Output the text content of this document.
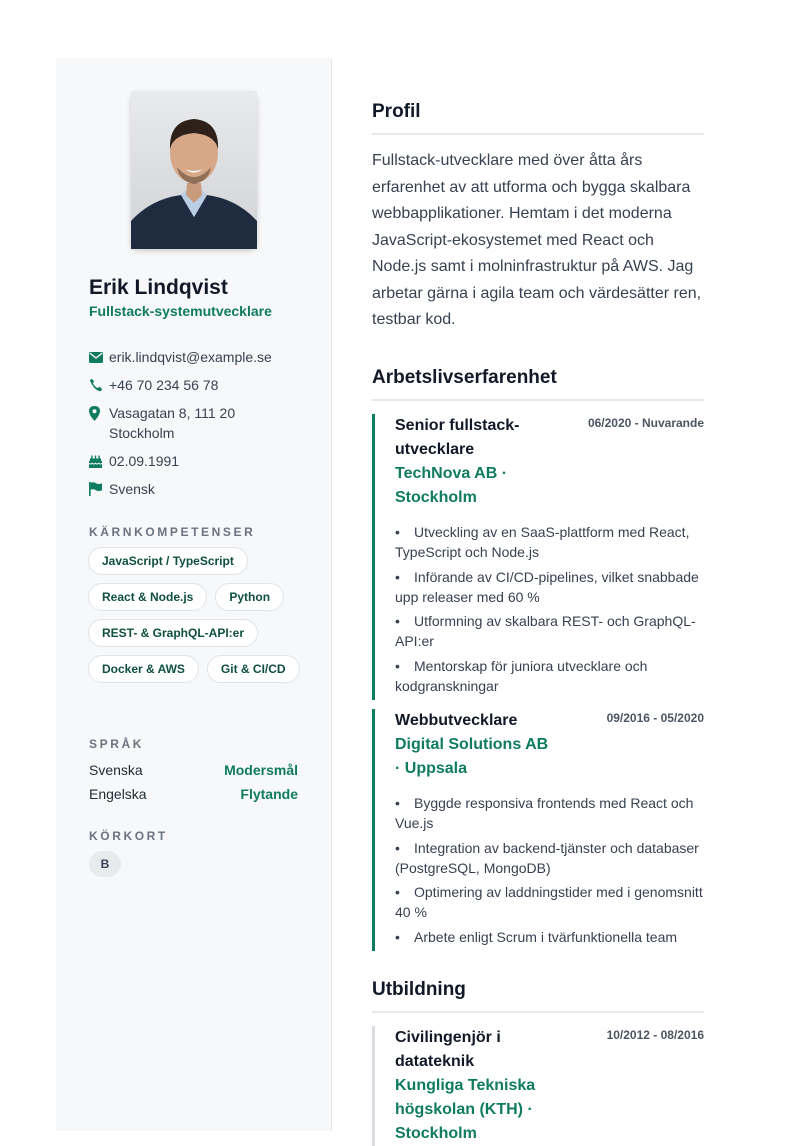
Erik Lindqvist
Fullstack-systemutvecklare
erik.lindqvist@example.se
+46 70 234 56 78
Vasagatan 8, 111 20 Stockholm
02.09.1991
Svensk
KÄRNKOMPETENSER
JavaScript / TypeScript
React & Node.js	Python
REST- & GraphQL-API:er
Docker & AWS	Git & CI/CD
SPRÅK
Svenska	Modersmål
Engelska	Flytande
KÖRKORT
B
Profil
Fullstack-utvecklare med över åtta års erfarenhet av att utforma och bygga skalbara webbapplikationer. Hemtam i det moderna JavaScript-ekosystemet med React och Node.js samt i molninfrastruktur på AWS. Jag arbetar gärna i agila team och värdesätter ren, testbar kod.
Arbetslivserfarenhet
Senior fullstack-utvecklare
TechNova AB · Stockholm
06/2020 - Nuvarande
• Utveckling av en SaaS-plattform med React, TypeScript och Node.js
• Införande av CI/CD-pipelines, vilket snabbade upp releaser med 60 %
• Utformning av skalbara REST- och GraphQL-API:er
• Mentorskap för juniora utvecklare och kodgranskningar
Webbutvecklare
Digital Solutions AB · Uppsala
09/2016 - 05/2020
• Byggde responsiva frontends med React och Vue.js
• Integration av backend-tjänster och databaser (PostgreSQL, MongoDB)
• Optimering av laddningstider med i genomsnitt 40 %
• Arbete enligt Scrum i tvärfunktionella team
Utbildning
Civilingenjör i datateknik
Kungliga Tekniska högskolan (KTH) · Stockholm
10/2012 - 08/2016
